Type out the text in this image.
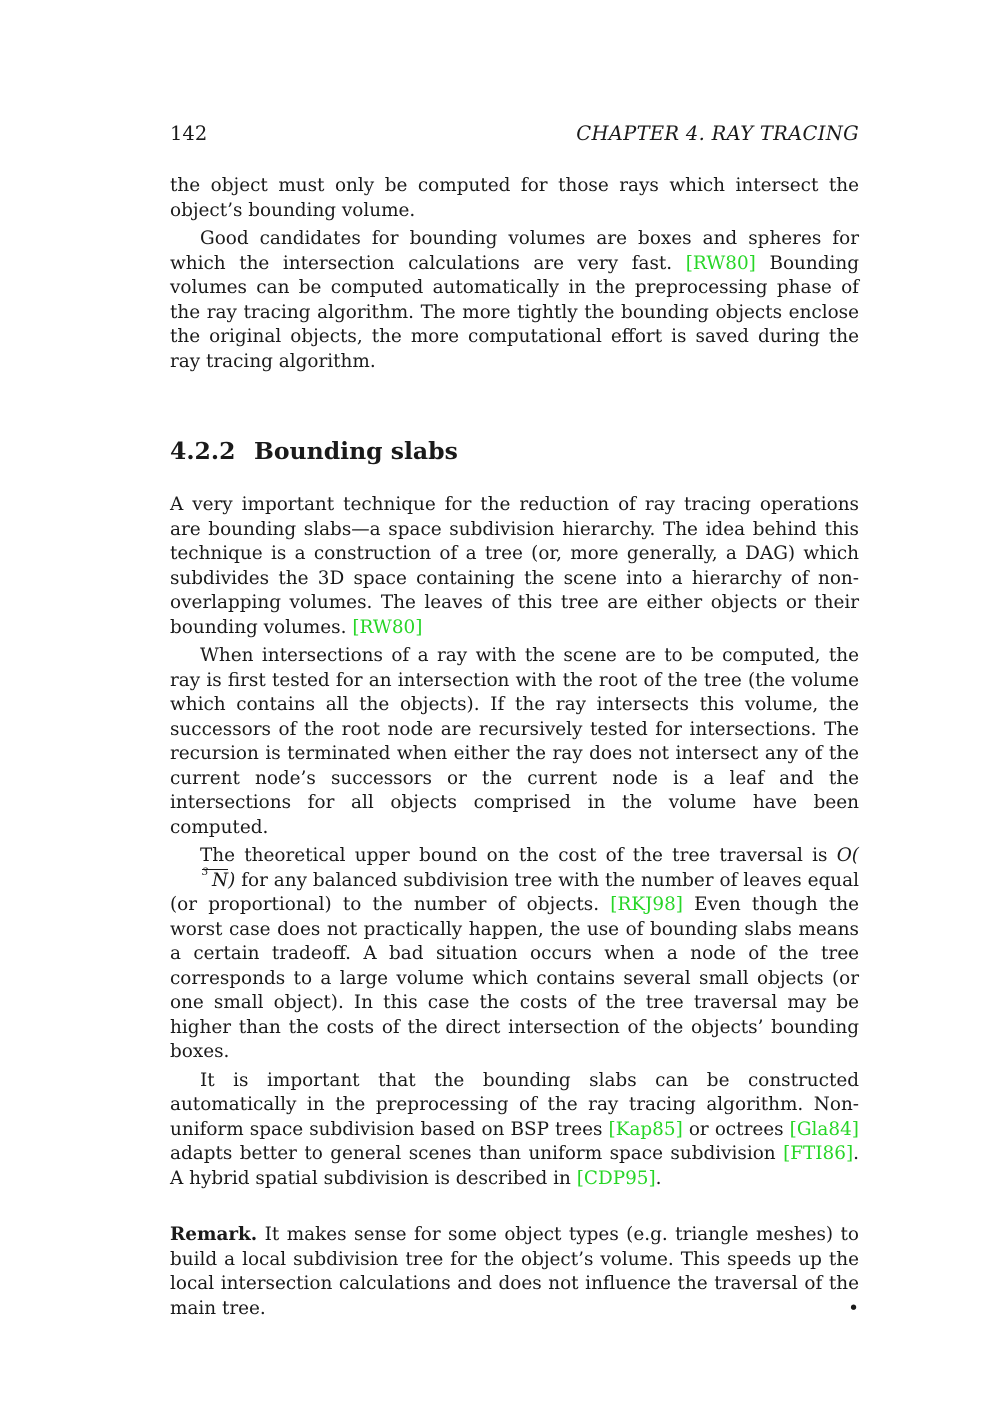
142	CHAPTER 4. RAY TRACING

the object must only be computed for those rays which intersect the object’s bounding volume.

Good candidates for bounding volumes are boxes and spheres for which the intersection calculations are very fast. [RW80] Bounding volumes can be computed automatically in the preprocessing phase of the ray tracing algorithm. The more tightly the bounding objects enclose the original objects, the more computational effort is saved during the ray tracing algorithm.

4.2.2 Bounding slabs

A very important technique for the reduction of ray tracing operations are bounding slabs—a space subdivision hierarchy. The idea behind this technique is a construction of a tree (or, more generally, a DAG) which subdivides the 3D space containing the scene into a hierarchy of non-overlapping volumes. The leaves of this tree are either objects or their bounding volumes. [RW80]

When intersections of a ray with the scene are to be computed, the ray is first tested for an intersection with the root of the tree (the volume which contains all the objects). If the ray intersects this volume, the successors of the root node are recursively tested for intersections. The recursion is terminated when either the ray does not intersect any of the current node’s successors or the current node is a leaf and the intersections for all objects comprised in the volume have been computed.

The theoretical upper bound on the cost of the tree traversal is O(
3 N) for any balanced subdivision tree with the number of leaves equal (or proportional) to the number of objects. [RKJ98] Even though the worst case does not practically happen, the use of bounding slabs means a certain tradeoff. A bad situation occurs when a node of the tree corresponds to a large volume which contains several small objects (or one small object). In this case the costs of the tree traversal may be higher than the costs of the direct intersection of the objects’ bounding boxes.

It is important that the bounding slabs can be constructed automatically in the preprocessing of the ray tracing algorithm. Non-uniform space subdivision based on BSP trees [Kap85] or octrees [Gla84] adapts better to general scenes than uniform space subdivision [FTI86]. A hybrid spatial subdivision is described in [CDP95].

Remark. It makes sense for some object types (e.g. triangle meshes) to build a local subdivision tree for the object’s volume. This speeds up the local intersection calculations and does not influence the traversal of the main tree.	•
